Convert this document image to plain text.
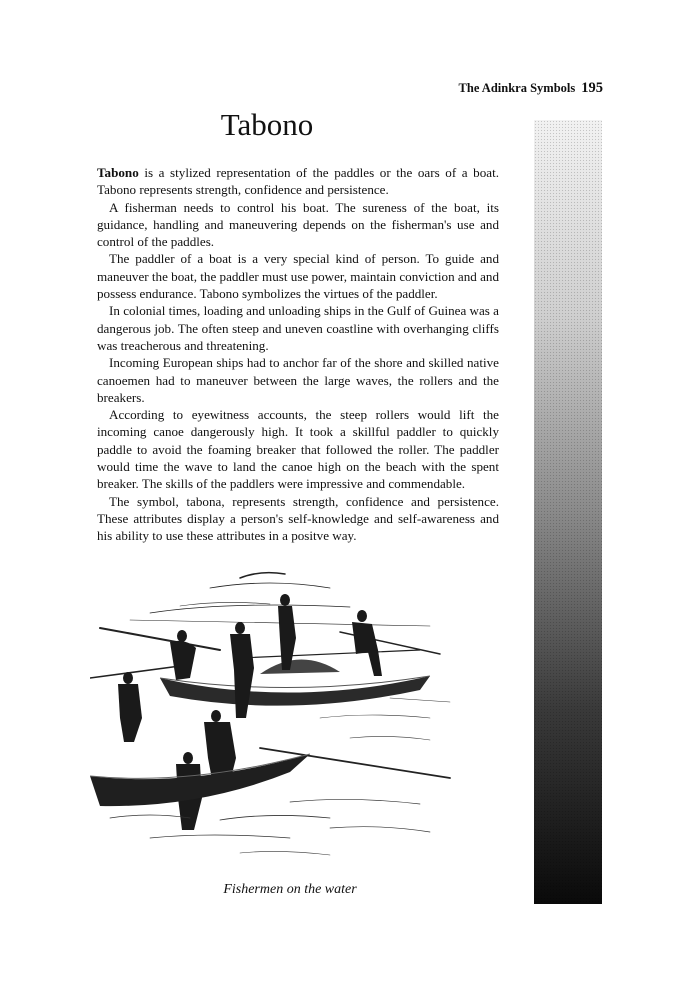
The Adinkra Symbols 195
Tabono

Tabono is a stylized representation of the paddles or the oars of a boat. Tabono represents strength, confidence and persistence.

A fisherman needs to control his boat. The sureness of the boat, its guidance, handling and maneuvering depends on the fisherman's use and control of the paddles.

The paddler of a boat is a very special kind of person. To guide and maneuver the boat, the paddler must use power, maintain conviction and and possess endurance. Tabono symbolizes the virtues of the paddler.

In colonial times, loading and unloading ships in the Gulf of Guinea was a dangerous job. The often steep and uneven coastline with overhanging cliffs was treacherous and threatening.

Incoming European ships had to anchor far of the shore and skilled native canoemen had to maneuver between the large waves, the rollers and the breakers.

According to eyewitness accounts, the steep rollers would lift the incoming canoe dangerously high. It took a skillful paddler to quickly paddle to avoid the foaming breaker that followed the roller. The paddler would time the wave to land the canoe high on the beach with the spent breaker. The skills of the paddlers were impressive and commendable.

The symbol, tabona, represents strength, confidence and persistence. These attributes display a person's self-knowledge and self-awareness and his ability to use these attributes in a positve way.

Fishermen on the water
